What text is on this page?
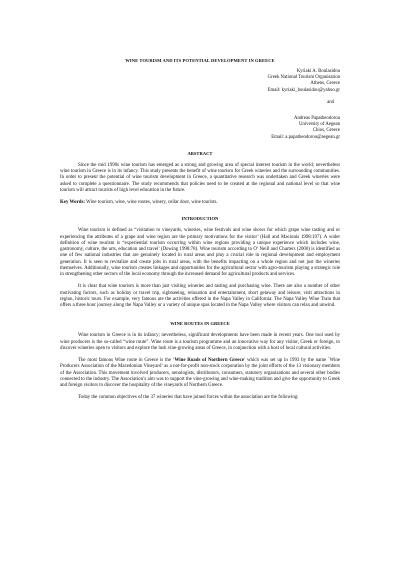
WINE TOURISM AND ITS POTENTIAL DEVELOPMENT IN GREECE
Kyriaki A. Boulasidou
Greek National Tourism Organisation
Athens, Greece
Email: kyriaki_boulasidou@yahoo.gr
and
Andreas Papatheodorou
University of Aegean
Chios, Greece
Email: a.papatheodorou@aegean.gr
ABSTRACT

Since the mid 1990s wine tourism has emerged as a strong and growing area of special interest tourism in the world; nevertheless wine tourism in Greece is in its infancy. This study presents the benefit of wine tourism for Greek wineries and the surrounding communities. In order to present the potential of wine tourism development in Greece, a quantitative research was undertaken and Greek wineries were asked to complete a questionnaire. The study recommends that policies need to be created at the regional and national level so that wine tourism will attract tourists of high level education in the future.

Key Words: Wine tourism, wine, wine routes, winery, cellar door, wine tourists.

INTRODUCTION

Wine tourism is defined as “visitation to vineyards, wineries, wine festivals and wine shows for which grape wine tasting and or experiencing the attributes of a grape and wine region are the primary motivations for the visitor’ (Hall and Macionis 1998:197). A wider definition of wine tourism is “experiential tourism occurring within wine regions providing a unique experience which includes wine, gastronomy, culture, the arts, education and travel’ (Dowing 1998:78). Wine tourism according to O’ Neill and Charters (2000) is identified as one of few national industries that are genuinely located in rural areas and play a crucial role in regional development and employment generation. It is seen to revitalize and create jobs in rural areas, with the benefits impacting on a whole region and not just the wineries themselves. Additionally, wine tourism creates linkages and opportunities for the agricultural sector with agro-tourism playing a strategic role in strengthening other sectors of the local economy through the increased demand for agricultural products and services.

It is clear that wine tourism is more than just visiting wineries and tasting and purchasing wine. There are also a number of other motivating factors, such as holiday or travel trip, sightseeing, relaxation and entertainment, short getaway and leisure, visit attractions in region, historic tours. For example, very famous are the activities offered in the Napa Valley in California: The Napa Valley Wine Train that offers a three hour journey along the Napa Valley or a variety of unique spas located in the Napa Valley where visitors can relax and unwind.

WINE ROUTES IN GREECE

Wine tourism in Greece is in its infancy; nevertheless, significant developments have been made in recent years. One tool used by wine producers is the so-called “wine route”. Wine route is a tourism programme and an innovative way for any visitor, Greek or foreign, to discover wineries open to visitors and explore the lush vine-growing areas of Greece, in conjunction with a host of local cultural activities.

The most famous Wine route in Greece is the ‘Wine Roads of Northern Greece’ which was set up in 1993 by the name `Wine Producers Association of the Macedonian Vineyard’ as a not-for-profit non-stock corporation by the joint efforts of the 13 visionary members of the Association. This movement involved producers, oenologists, distributors, consumers, statutory organizations and several other bodies connected to the industry. The Association’s aim was to support the vine-growing and wine-making tradition and give the opportunity to Greek and foreign visitors to discover the hospitality of the vineyards of Northern Greece.

Today the common objectives of the 37 wineries that have joined forces within the association are the following:
